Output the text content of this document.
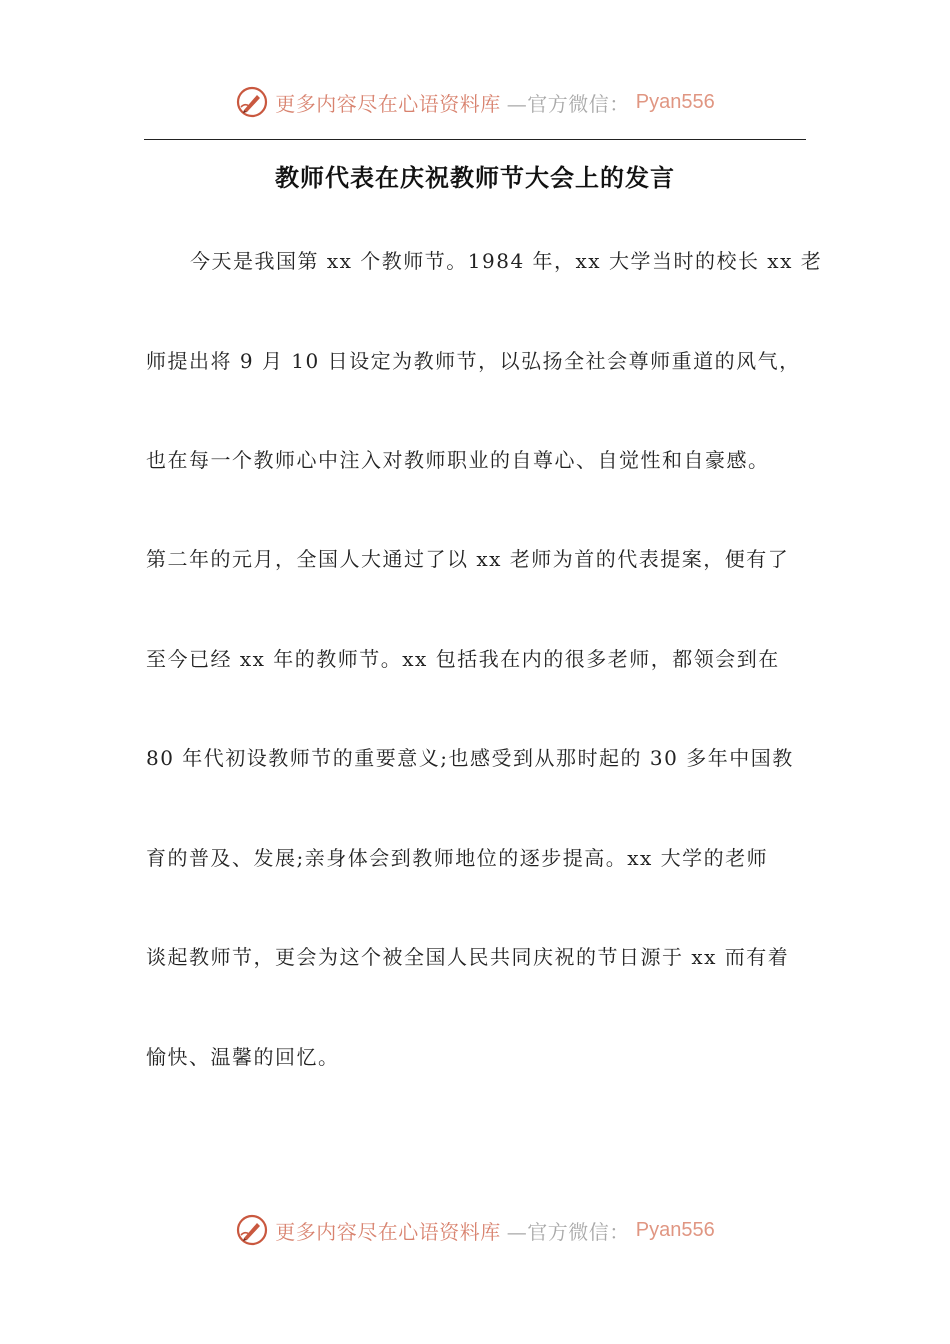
更多内容尽在心语资料库 —官方微信： Pyan556
教师代表在庆祝教师节大会上的发言
今天是我国第 xx 个教师节。1984 年，xx 大学当时的校长 xx 老
师提出将 9 月 10 日设定为教师节，以弘扬全社会尊师重道的风气，
也在每一个教师心中注入对教师职业的自尊心、自觉性和自豪感。
第二年的元月，全国人大通过了以 xx 老师为首的代表提案，便有了
至今已经 xx 年的教师节。xx 包括我在内的很多老师，都领会到在
80 年代初设教师节的重要意义;也感受到从那时起的 30 多年中国教
育的普及、发展;亲身体会到教师地位的逐步提高。xx 大学的老师
谈起教师节，更会为这个被全国人民共同庆祝的节日源于 xx 而有着
愉快、温馨的回忆。
更多内容尽在心语资料库 —官方微信： Pyan556
